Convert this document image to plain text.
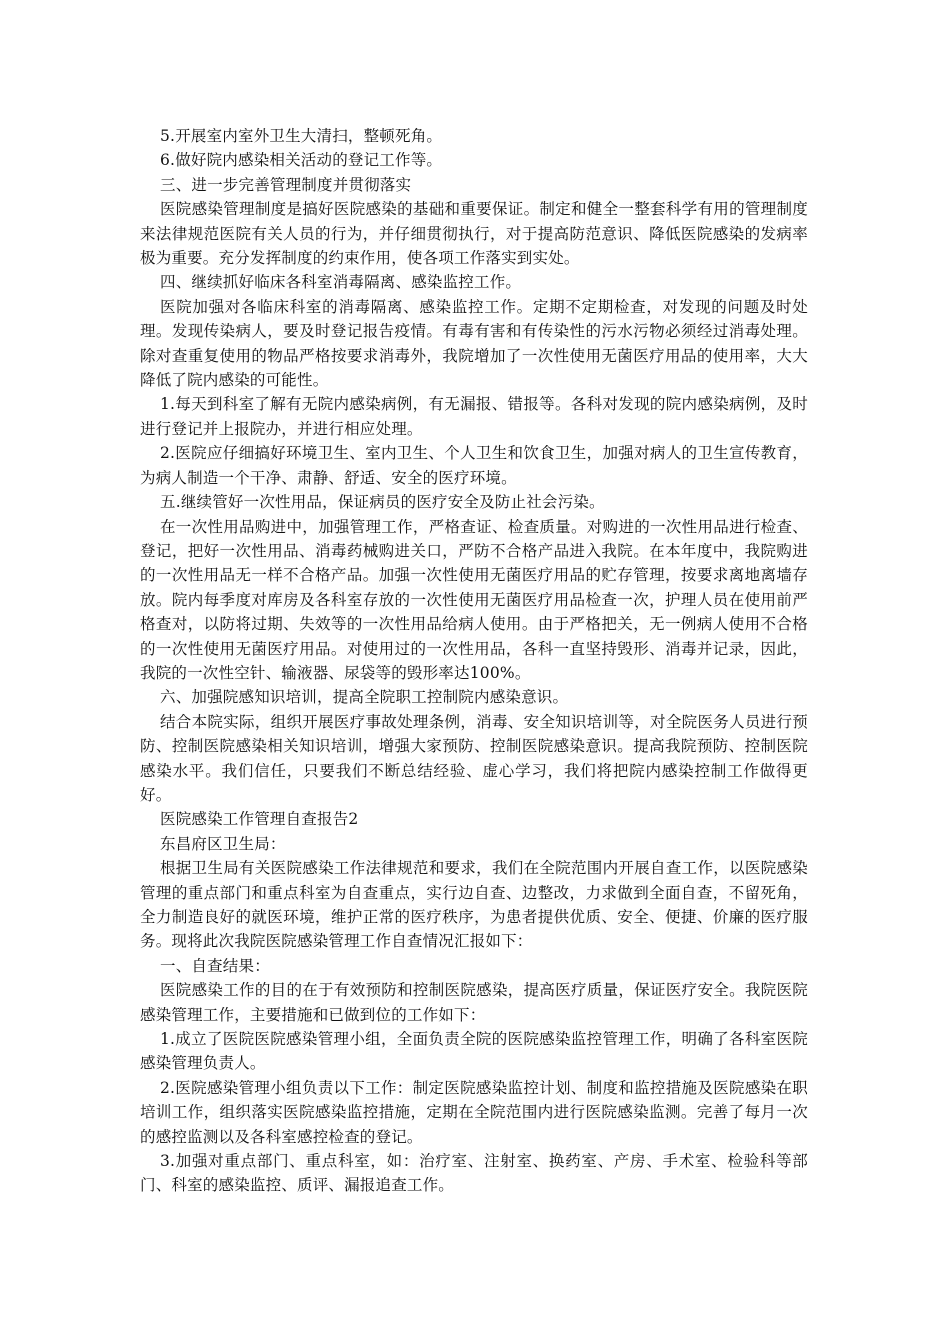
5.开展室内室外卫生大清扫，整顿死角。

6.做好院内感染相关活动的登记工作等。

三、进一步完善管理制度并贯彻落实

医院感染管理制度是搞好医院感染的基础和重要保证。制定和健全一整套科学有用的管理制度来法律规范医院有关人员的行为，并仔细贯彻执行，对于提高防范意识、降低医院感染的发病率极为重要。充分发挥制度的约束作用，使各项工作落实到实处。

四、继续抓好临床各科室消毒隔离、感染监控工作。

医院加强对各临床科室的消毒隔离、感染监控工作。定期不定期检查，对发现的问题及时处理。发现传染病人，要及时登记报告疫情。有毒有害和有传染性的污水污物必须经过消毒处理。除对查重复使用的物品严格按要求消毒外，我院增加了一次性使用无菌医疗用品的使用率，大大降低了院内感染的可能性。

1.每天到科室了解有无院内感染病例，有无漏报、错报等。各科对发现的院内感染病例，及时进行登记并上报院办，并进行相应处理。

2.医院应仔细搞好环境卫生、室内卫生、个人卫生和饮食卫生，加强对病人的卫生宣传教育，为病人制造一个干净、肃静、舒适、安全的医疗环境。

五.继续管好一次性用品，保证病员的医疗安全及防止社会污染。

在一次性用品购进中，加强管理工作，严格查证、检查质量。对购进的一次性用品进行检查、登记，把好一次性用品、消毒药械购进关口，严防不合格产品进入我院。在本年度中，我院购进的一次性用品无一样不合格产品。加强一次性使用无菌医疗用品的贮存管理，按要求离地离墙存放。院内每季度对库房及各科室存放的一次性使用无菌医疗用品检查一次，护理人员在使用前严格查对，以防将过期、失效等的一次性用品给病人使用。由于严格把关，无一例病人使用不合格的一次性使用无菌医疗用品。对使用过的一次性用品，各科一直坚持毁形、消毒并记录，因此，我院的一次性空针、输液器、尿袋等的毁形率达100%。

六、加强院感知识培训，提高全院职工控制院内感染意识。

结合本院实际，组织开展医疗事故处理条例，消毒、安全知识培训等，对全院医务人员进行预防、控制医院感染相关知识培训，增强大家预防、控制医院感染意识。提高我院预防、控制医院感染水平。我们信任，只要我们不断总结经验、虚心学习，我们将把院内感染控制工作做得更好。

医院感染工作管理自查报告2

东昌府区卫生局：

根据卫生局有关医院感染工作法律规范和要求，我们在全院范围内开展自查工作，以医院感染管理的重点部门和重点科室为自查重点，实行边自查、边整改，力求做到全面自查，不留死角，全力制造良好的就医环境，维护正常的医疗秩序，为患者提供优质、安全、便捷、价廉的医疗服务。现将此次我院医院感染管理工作自查情况汇报如下：

一、自查结果：

医院感染工作的目的在于有效预防和控制医院感染，提高医疗质量，保证医疗安全。我院医院感染管理工作，主要措施和已做到位的工作如下：

1.成立了医院医院感染管理小组，全面负责全院的医院感染监控管理工作，明确了各科室医院感染管理负责人。

2.医院感染管理小组负责以下工作：制定医院感染监控计划、制度和监控措施及医院感染在职培训工作，组织落实医院感染监控措施，定期在全院范围内进行医院感染监测。完善了每月一次的感控监测以及各科室感控检查的登记。

3.加强对重点部门、重点科室，如：治疗室、注射室、换药室、产房、手术室、检验科等部门、科室的感染监控、质评、漏报追查工作。
